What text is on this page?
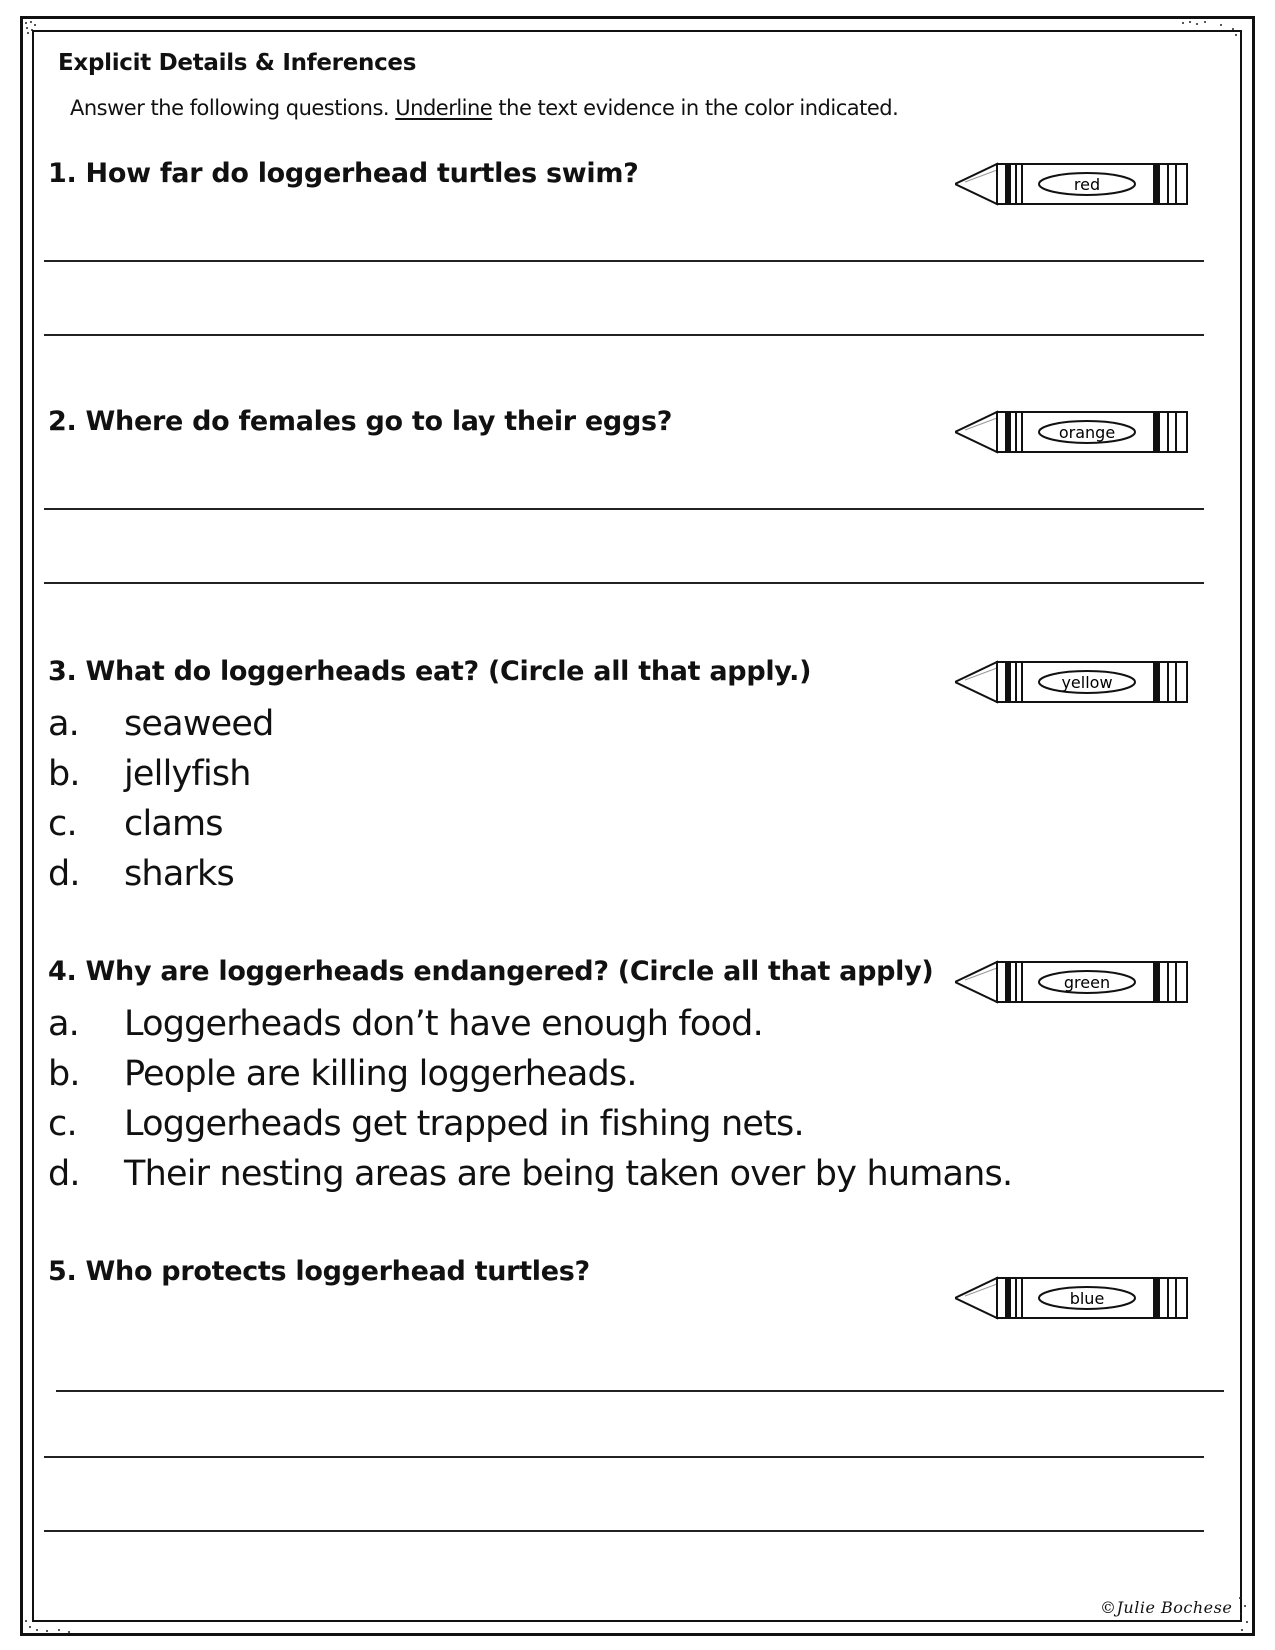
Explicit Details & Inferences
Answer the following questions. Underline the text evidence in the color indicated.
1. How far do loggerhead turtles swim?	red
2. Where do females go to lay their eggs?	orange
3. What do loggerheads eat? (Circle all that apply.)	yellow
a.	seaweed
b.	jellyfish
c.	clams
d.	sharks
4. Why are loggerheads endangered? (Circle all that apply)	green
a.	Loggerheads don’t have enough food.
b.	People are killing loggerheads.
c.	Loggerheads get trapped in fishing nets.
d.	Their nesting areas are being taken over by humans.
5. Who protects loggerhead turtles?
blue
©Julie Bochese
